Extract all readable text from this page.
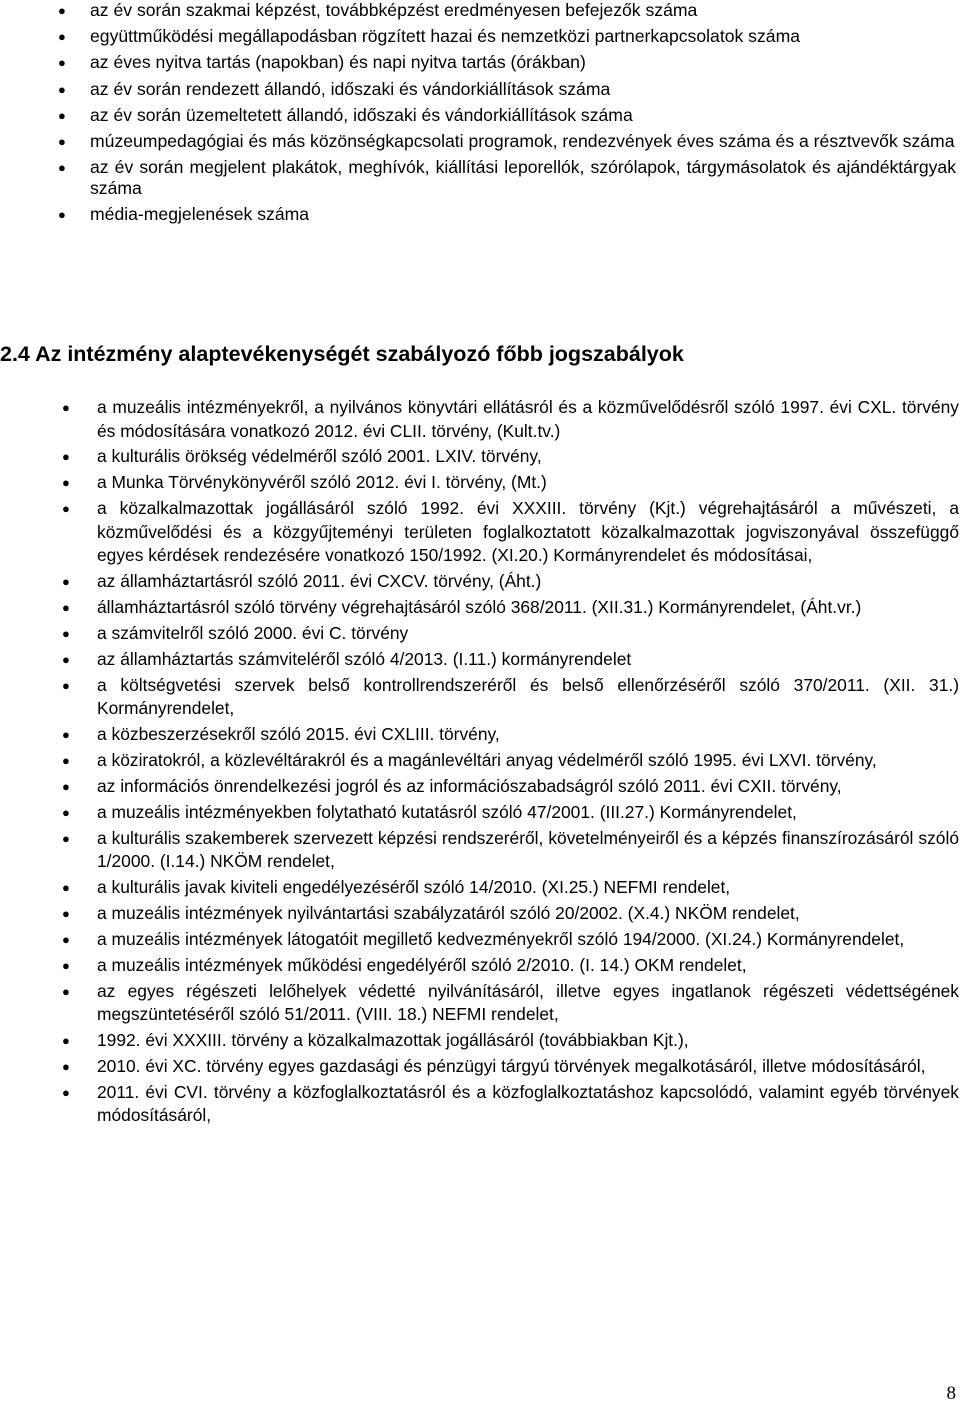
● az év során szakmai képzést, továbbképzést eredményesen befejezők száma
● együttműködési megállapodásban rögzített hazai és nemzetközi partnerkapcsolatok száma
● az éves nyitva tartás (napokban) és napi nyitva tartás (órákban)
● az év során rendezett állandó, időszaki és vándorkiállítások száma
● az év során üzemeltetett állandó, időszaki és vándorkiállítások száma
● múzeumpedagógiai és más közönségkapcsolati programok, rendezvények éves száma és a résztvevők száma
● az év során megjelent plakátok, meghívók, kiállítási leporellók, szórólapok, tárgymásolatok és ajándéktárgyak száma
● média-megjelenések száma
2.4 Az intézmény alaptevékenységét szabályozó főbb jogszabályok
● a muzeális intézményekről, a nyilvános könyvtári ellátásról és a közművelődésről szóló 1997. évi CXL. törvény és módosítására vonatkozó 2012. évi CLII. törvény, (Kult.tv.)
● a kulturális örökség védelméről szóló 2001. LXIV. törvény,
● a Munka Törvénykönyvéről szóló 2012. évi I. törvény, (Mt.)
● a közalkalmazottak jogállásáról szóló 1992. évi XXXIII. törvény (Kjt.) végrehajtásáról a művészeti, a közművelődési és a közgyűjteményi területen foglalkoztatott közalkalmazottak jogviszonyával összefüggő egyes kérdések rendezésére vonatkozó 150/1992. (XI.20.) Kormányrendelet és módosításai,
● az államháztartásról szóló 2011. évi CXCV. törvény, (Áht.)
● államháztartásról szóló törvény végrehajtásáról szóló 368/2011. (XII.31.) Kormányrendelet, (Áht.vr.)
● a számvitelről szóló 2000. évi C. törvény
● az államháztartás számviteléről szóló 4/2013. (I.11.) kormányrendelet
● a költségvetési szervek belső kontrollrendszeréről és belső ellenőrzéséről szóló 370/2011. (XII. 31.) Kormányrendelet,
● a közbeszerzésekről szóló 2015. évi CXLIII. törvény,
● a köziratokról, a közlevéltárakról és a magánlevéltári anyag védelméről szóló 1995. évi LXVI. törvény,
● az információs önrendelkezési jogról és az információszabadságról szóló 2011. évi CXII. törvény,
● a muzeális intézményekben folytatható kutatásról szóló 47/2001. (III.27.) Kormányrendelet,
● a kulturális szakemberek szervezett képzési rendszeréről, követelményeiről és a képzés finanszírozásáról szóló 1/2000. (I.14.) NKÖM rendelet,
● a kulturális javak kiviteli engedélyezéséről szóló 14/2010. (XI.25.) NEFMI rendelet,
● a muzeális intézmények nyilvántartási szabályzatáról szóló 20/2002. (X.4.) NKÖM rendelet,
● a muzeális intézmények látogatóit megillető kedvezményekről szóló 194/2000. (XI.24.) Kormányrendelet,
● a muzeális intézmények működési engedélyéről szóló 2/2010. (I. 14.) OKM rendelet,
● az egyes régészeti lelőhelyek védetté nyilvánításáról, illetve egyes ingatlanok régészeti védettségének megszüntetéséről szóló 51/2011. (VIII. 18.) NEFMI rendelet,
● 1992. évi XXXIII. törvény a közalkalmazottak jogállásáról (továbbiakban Kjt.),
● 2010. évi XC. törvény egyes gazdasági és pénzügyi tárgyú törvények megalkotásáról, illetve módosításáról,
● 2011. évi CVI. törvény a közfoglalkoztatásról és a közfoglalkoztatáshoz kapcsolódó, valamint egyéb törvények módosításáról,
8
